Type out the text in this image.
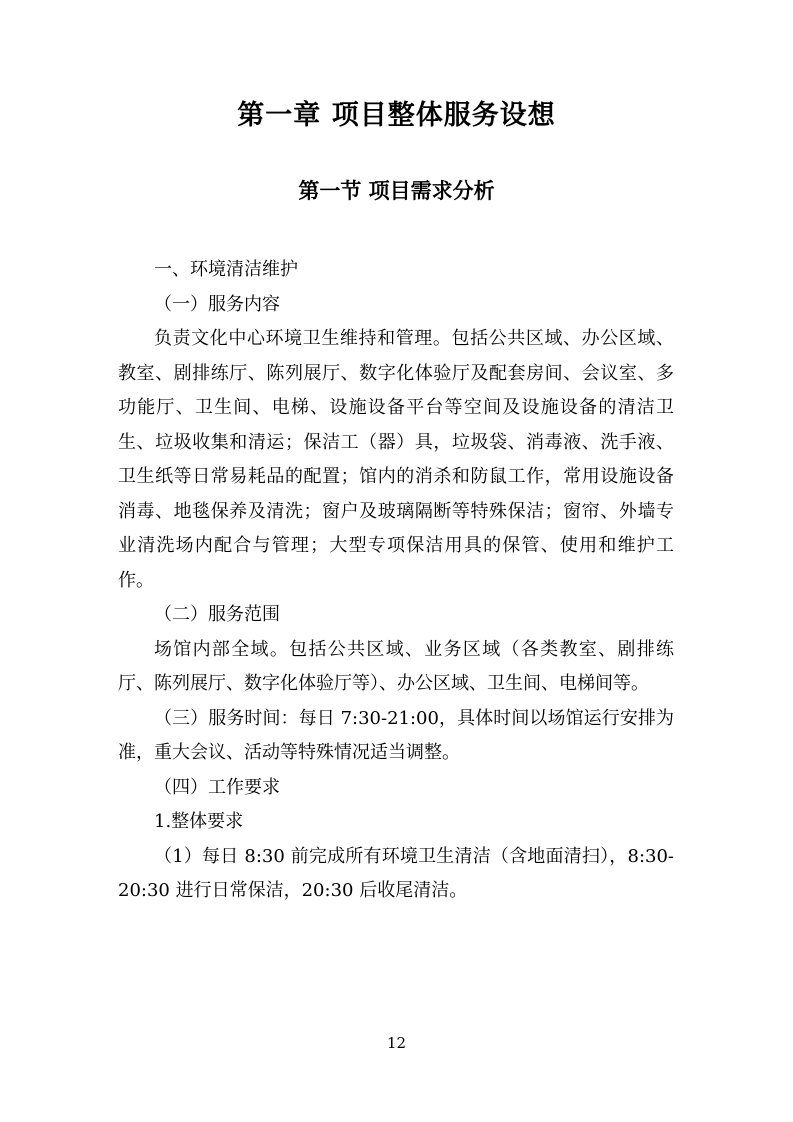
第一章 项目整体服务设想
第一节 项目需求分析

一、环境清洁维护

（一）服务内容

负责文化中心环境卫生维持和管理。包括公共区域、办公区域、教室、剧排练厅、陈列展厅、数字化体验厅及配套房间、会议室、多功能厅、卫生间、电梯、设施设备平台等空间及设施设备的清洁卫生、垃圾收集和清运；保洁工（器）具，垃圾袋、消毒液、洗手液、卫生纸等日常易耗品的配置；馆内的消杀和防鼠工作，常用设施设备消毒、地毯保养及清洗；窗户及玻璃隔断等特殊保洁；窗帘、外墙专业清洗场内配合与管理；大型专项保洁用具的保管、使用和维护工作。

（二）服务范围

场馆内部全域。包括公共区域、业务区域（各类教室、剧排练厅、陈列展厅、数字化体验厅等）、办公区域、卫生间、电梯间等。

（三）服务时间：每日 7:30-21:00，具体时间以场馆运行安排为准，重大会议、活动等特殊情况适当调整。

（四）工作要求

1.整体要求

（1）每日 8:30 前完成所有环境卫生清洁（含地面清扫），8:30-20:30 进行日常保洁，20:30 后收尾清洁。

12
